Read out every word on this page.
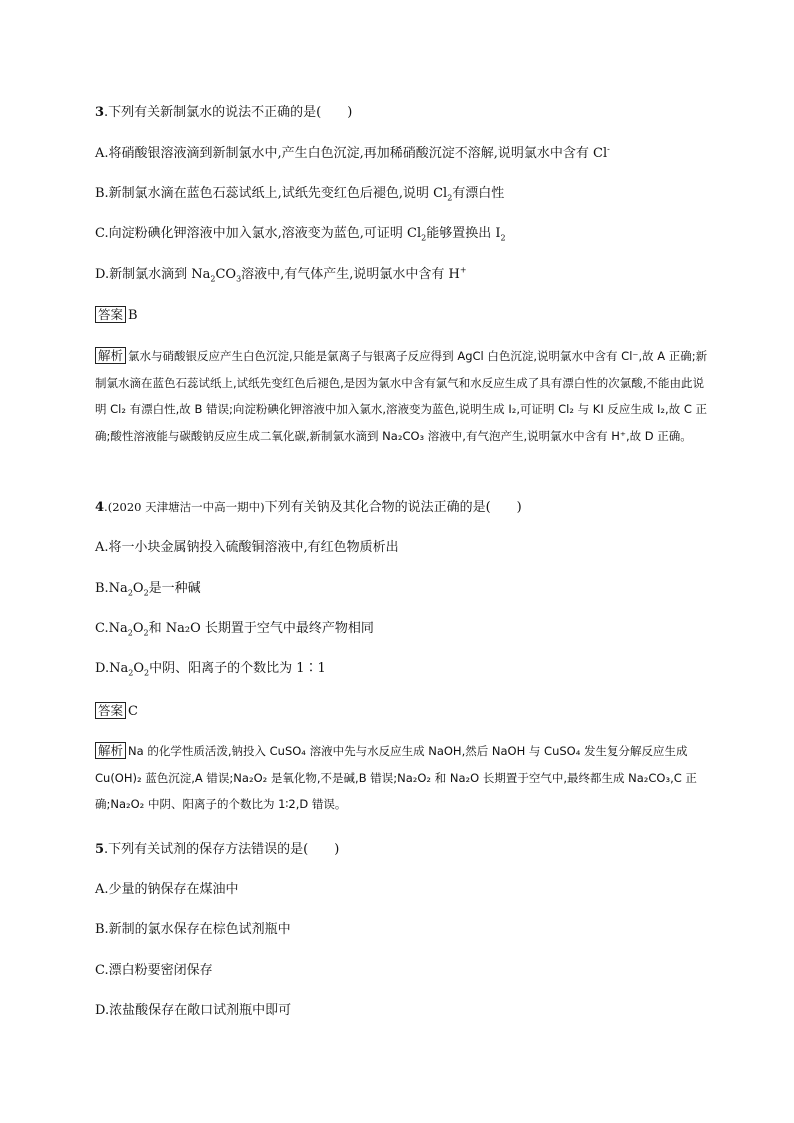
3.下列有关新制氯水的说法不正确的是(　　)
A.将硝酸银溶液滴到新制氯水中,产生白色沉淀,再加稀硝酸沉淀不溶解,说明氯水中含有 Cl-
B.新制氯水滴在蓝色石蕊试纸上,试纸先变红色后褪色,说明 $Cl_2$有漂白性
C.向淀粉碘化钾溶液中加入氯水,溶液变为蓝色,可证明 $Cl_2$能够置换出 $I_2$
D.新制氯水滴到 $Na_2CO_3$溶液中,有气体产生,说明氯水中含有 H+
答案 B
解析 氯水与硝酸银反应产生白色沉淀,只能是氯离子与银离子反应得到 AgCl 白色沉淀,说明氯水中含有 Cl⁻,故 A 正确;新制氯水滴在蓝色石蕊试纸上,试纸先变红色后褪色,是因为氯水中含有氯气和水反应生成了具有漂白性的次氯酸,不能由此说明 Cl₂ 有漂白性,故 B 错误;向淀粉碘化钾溶液中加入氯水,溶液变为蓝色,说明生成 I₂,可证明 Cl₂ 与 KI 反应生成 I₂,故 C 正确;酸性溶液能与碳酸钠反应生成二氧化碳,新制氯水滴到 Na₂CO₃ 溶液中,有气泡产生,说明氯水中含有 H⁺,故 D 正确。
4.(2020 天津塘沽一中高一期中)下列有关钠及其化合物的说法正确的是(　　)
A.将一小块金属钠投入硫酸铜溶液中,有红色物质析出
$B.Na_2O_2$是一种碱
$C.Na_2O_2$和 Na₂O 长期置于空气中最终产物相同
$D.Na_2O_2$中阴、阳离子的个数比为 1∶1
答案 C
解析 Na 的化学性质活泼,钠投入 CuSO₄ 溶液中先与水反应生成 NaOH,然后 NaOH 与 CuSO₄ 发生复分解反应生成 Cu(OH)₂ 蓝色沉淀,A 错误;Na₂O₂ 是氧化物,不是碱,B 错误;Na₂O₂ 和 Na₂O 长期置于空气中,最终都生成 Na₂CO₃,C 正确;Na₂O₂ 中阴、阳离子的个数比为 1∶2,D 错误。
5.下列有关试剂的保存方法错误的是(　　)
A.少量的钠保存在煤油中
B.新制的氯水保存在棕色试剂瓶中
C.漂白粉要密闭保存
D.浓盐酸保存在敞口试剂瓶中即可
